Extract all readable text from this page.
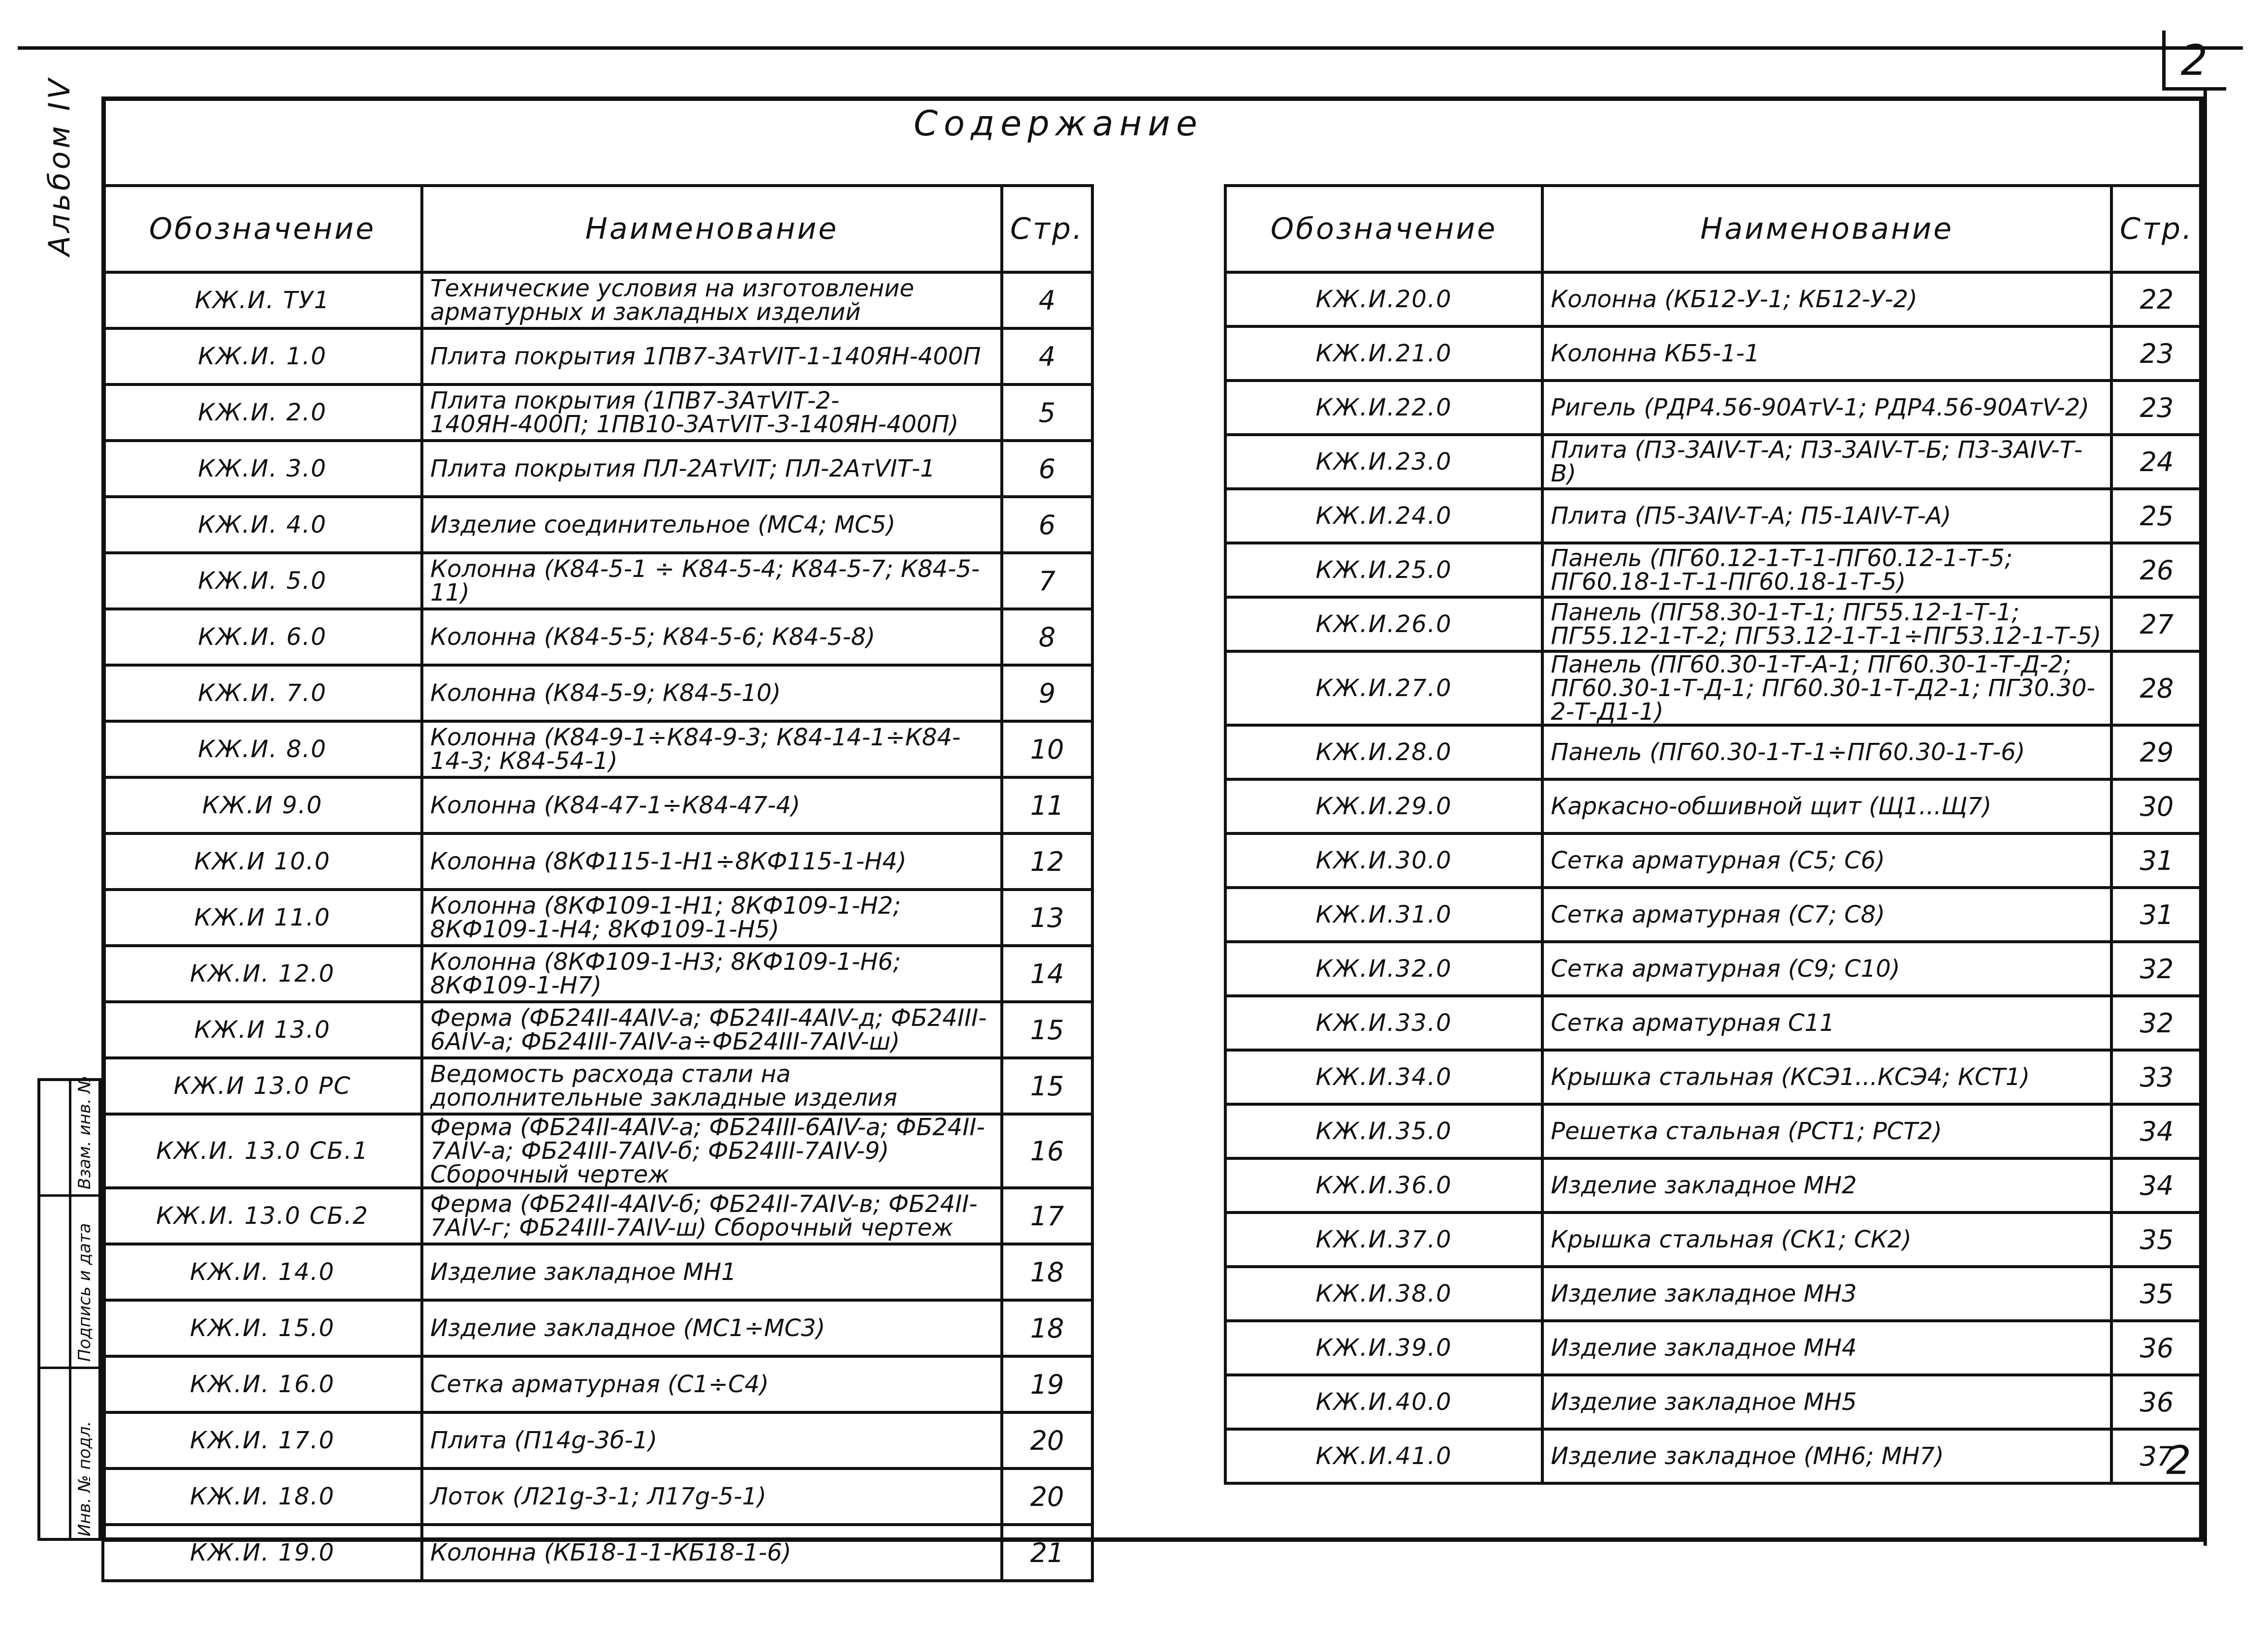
2
Содержание
Альбом IV
Взам. инв. №
Подпись и дата
Инв. № подл.
Обозначение	Наименование	Стр.
КЖ.И. ТУ1	Технические условия на изготовление арматурных и закладных изделий	4
КЖ.И. 1.0	Плита покрытия 1ПВ7-3АтVIТ-1-140ЯН-400П	4
КЖ.И. 2.0	Плита покрытия (1ПВ7-3АтVIТ-2-140ЯН-400П; 1ПВ10-3АтVIТ-3-140ЯН-400П)	5
КЖ.И. 3.0	Плита покрытия ПЛ-2АтVIТ; ПЛ-2АтVIТ-1	6
КЖ.И. 4.0	Изделие соединительное (МС4; МС5)	6
КЖ.И. 5.0	Колонна (К84-5-1 ÷ К84-5-4; К84-5-7; К84-5-11)	7
КЖ.И. 6.0	Колонна (К84-5-5; К84-5-6; К84-5-8)	8
КЖ.И. 7.0	Колонна (К84-5-9; К84-5-10)	9
КЖ.И. 8.0	Колонна (К84-9-1÷К84-9-3; К84-14-1÷К84-14-3; К84-54-1)	10
КЖ.И 9.0	Колонна (К84-47-1÷К84-47-4)	11
КЖ.И 10.0	Колонна (8КФ115-1-Н1÷8КФ115-1-Н4)	12
КЖ.И 11.0	Колонна (8КФ109-1-Н1; 8КФ109-1-Н2; 8КФ109-1-Н4; 8КФ109-1-Н5)	13
КЖ.И. 12.0	Колонна (8КФ109-1-Н3; 8КФ109-1-Н6; 8КФ109-1-Н7)	14
КЖ.И 13.0	Ферма (ФБ24II-4АIV-а; ФБ24II-4АIV-д; ФБ24III-6АIV-а; ФБ24III-7АIV-а÷ФБ24III-7АIV-ш)	15
КЖ.И 13.0 РС	Ведомость расхода стали на дополнительные закладные изделия	15
КЖ.И. 13.0 СБ.1	Ферма (ФБ24II-4АIV-а; ФБ24III-6АIV-а; ФБ24II-7АIV-а; ФБ24III-7АIV-б; ФБ24III-7АIV-9) Сборочный чертеж	16
КЖ.И. 13.0 СБ.2	Ферма (ФБ24II-4АIV-б; ФБ24II-7АIV-в; ФБ24II-7АIV-г; ФБ24III-7АIV-ш) Сборочный чертеж	17
КЖ.И. 14.0	Изделие закладное МН1	18
КЖ.И. 15.0	Изделие закладное (МС1÷МС3)	18
КЖ.И. 16.0	Сетка арматурная (С1÷С4)	19
КЖ.И. 17.0	Плита (П14g-3б-1)	20
КЖ.И. 18.0	Лоток (Л21g-3-1; Л17g-5-1)	20
КЖ.И. 19.0	Колонна (КБ18-1-1-КБ18-1-6)	21
Обозначение	Наименование	Стр.
КЖ.И.20.0	Колонна (КБ12-У-1; КБ12-У-2)	22
КЖ.И.21.0	Колонна КБ5-1-1	23
КЖ.И.22.0	Ригель (РДР4.56-90АтV-1; РДР4.56-90АтV-2)	23
КЖ.И.23.0	Плита (П3-3АIV-Т-А; П3-3АIV-Т-Б; П3-3АIV-Т-В)	24
КЖ.И.24.0	Плита (П5-3АIV-Т-А; П5-1АIV-Т-А)	25
КЖ.И.25.0	Панель (ПГ60.12-1-Т-1-ПГ60.12-1-Т-5; ПГ60.18-1-Т-1-ПГ60.18-1-Т-5)	26
КЖ.И.26.0	Панель (ПГ58.30-1-Т-1; ПГ55.12-1-Т-1; ПГ55.12-1-Т-2; ПГ53.12-1-Т-1÷ПГ53.12-1-Т-5)	27
КЖ.И.27.0	Панель (ПГ60.30-1-Т-А-1; ПГ60.30-1-Т-Д-2; ПГ60.30-1-Т-Д-1; ПГ60.30-1-Т-Д2-1; ПГ30.30-2-Т-Д1-1)	28
КЖ.И.28.0	Панель (ПГ60.30-1-Т-1÷ПГ60.30-1-Т-6)	29
КЖ.И.29.0	Каркасно-обшивной щит (Щ1...Щ7)	30
КЖ.И.30.0	Сетка арматурная (С5; С6)	31
КЖ.И.31.0	Сетка арматурная (С7; С8)	31
КЖ.И.32.0	Сетка арматурная (С9; С10)	32
КЖ.И.33.0	Сетка арматурная С11	32
КЖ.И.34.0	Крышка стальная (КСЭ1...КСЭ4; КСТ1)	33
КЖ.И.35.0	Решетка стальная (РСТ1; РСТ2)	34
КЖ.И.36.0	Изделие закладное МН2	34
КЖ.И.37.0	Крышка стальная (СК1; СК2)	35
КЖ.И.38.0	Изделие закладное МН3	35
КЖ.И.39.0	Изделие закладное МН4	36
КЖ.И.40.0	Изделие закладное МН5	36
КЖ.И.41.0	Изделие закладное (МН6; МН7)	37
2
